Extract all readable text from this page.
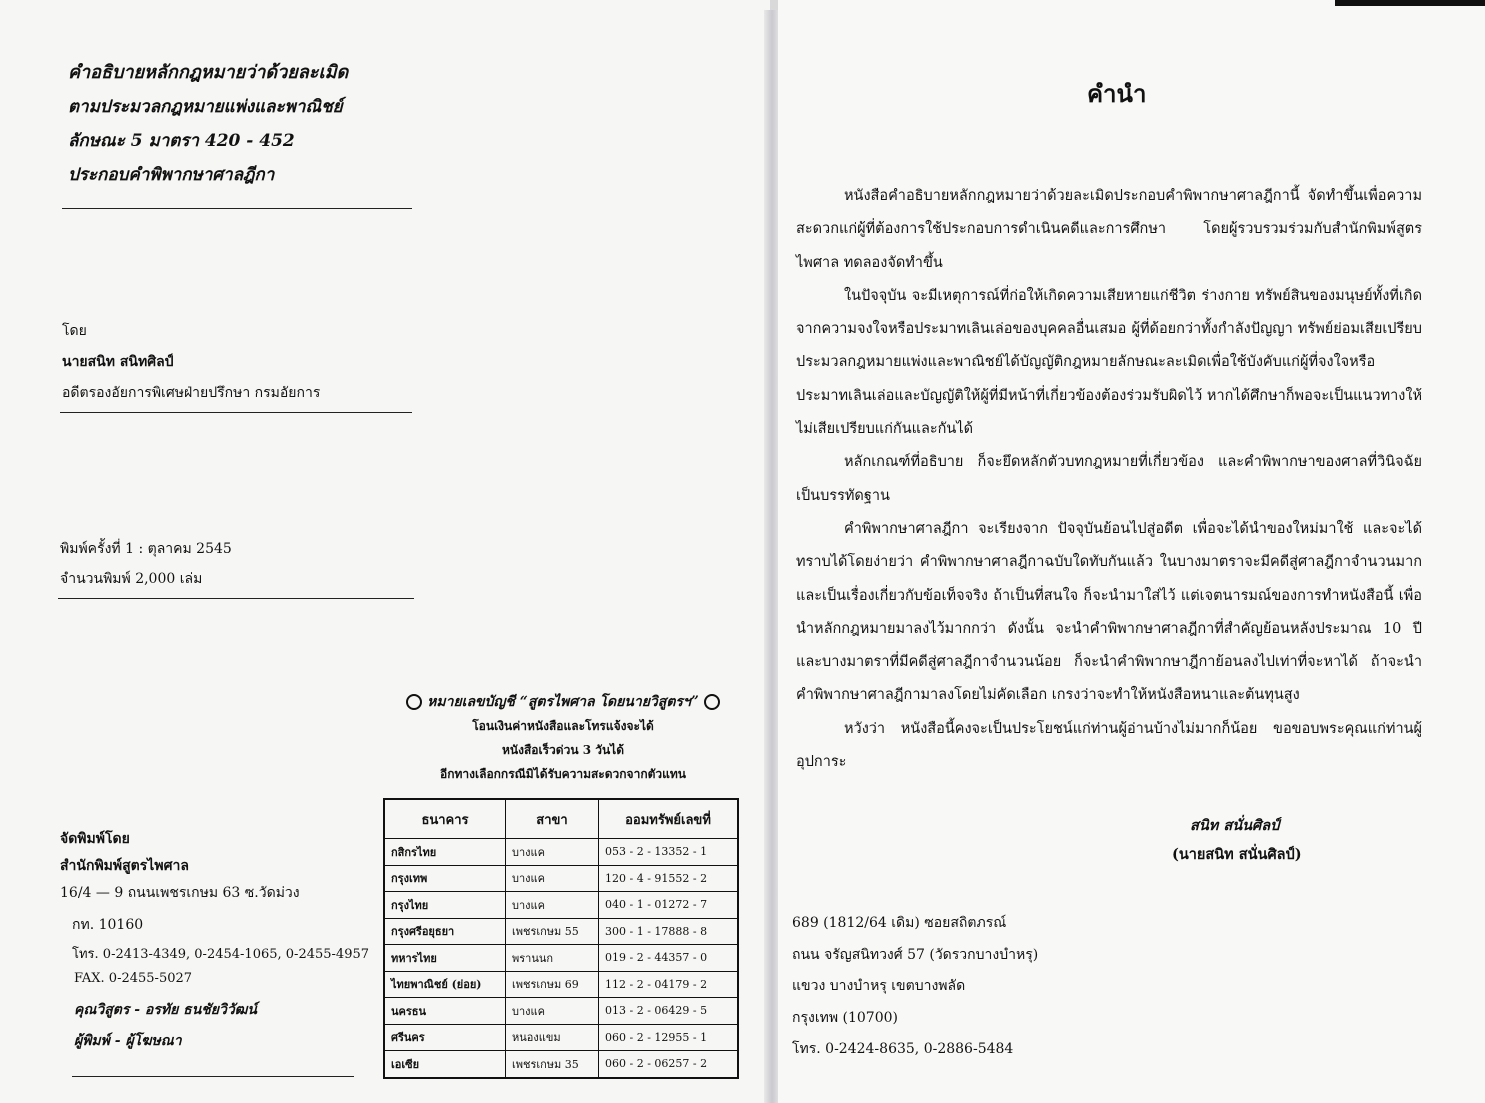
คำอธิบายหลักกฎหมายว่าด้วยละเมิด
ตามประมวลกฎหมายแพ่งและพาณิชย์
ลักษณะ 5 มาตรา 420 - 452
ประกอบคำพิพากษาศาลฎีกา
โดย
นายสนิท สนิทศิลป์
อดีตรองอัยการพิเศษฝ่ายปรึกษา กรมอัยการ
พิมพ์ครั้งที่ 1 : ตุลาคม 2545
จำนวนพิมพ์ 2,000 เล่ม
หมายเลขบัญชี “สูตรไพศาล โดยนายวิสูตรฯ”
โอนเงินค่าหนังสือและโทรแจ้งจะได้
หนังสือเร็วด่วน 3 วันได้
อีกทางเลือกกรณีมิได้รับความสะดวกจากตัวแทน
ธนาคาร	สาขา	ออมทรัพย์เลขที่
กสิกรไทย	บางแค	053 - 2 - 13352 - 1
กรุงเทพ	บางแค	120 - 4 - 91552 - 2
กรุงไทย	บางแค	040 - 1 - 01272 - 7
กรุงศรีอยุธยา	เพชรเกษม 55	300 - 1 - 17888 - 8
ทหารไทย	พรานนก	019 - 2 - 44357 - 0
ไทยพาณิชย์ (ย่อย)	เพชรเกษม 69	112 - 2 - 04179 - 2
นครธน	บางแค	013 - 2 - 06429 - 5
ศรีนคร	หนองแขม	060 - 2 - 12955 - 1
เอเซีย	เพชรเกษม 35	060 - 2 - 06257 - 2
จัดพิมพ์โดย
สำนักพิมพ์สูตรไพศาล
16/4 — 9 ถนนเพชรเกษม 63 ซ.วัดม่วง
กท. 10160
โทร. 0-2413-4349, 0-2454-1065, 0-2455-4957
FAX. 0-2455-5027
คุณวิสูตร - อรทัย ธนชัยวิวัฒน์
ผู้พิมพ์ - ผู้โฆษณา
คำนำ

หนังสือคำอธิบายหลักกฎหมายว่าด้วยละเมิดประกอบคำพิพากษาศาลฎีกานี้ จัดทำขึ้นเพื่อความสะดวกแก่ผู้ที่ต้องการใช้ประกอบการดำเนินคดีและการศึกษา โดยผู้รวบรวมร่วมกับสำนักพิมพ์สูตรไพศาล ทดลองจัดทำขึ้น

ในปัจจุบัน จะมีเหตุการณ์ที่ก่อให้เกิดความเสียหายแก่ชีวิต ร่างกาย ทรัพย์สินของมนุษย์ทั้งที่เกิดจากความจงใจหรือประมาทเลินเล่อของบุคคลอื่นเสมอ ผู้ที่ด้อยกว่าทั้งกำลังปัญญา ทรัพย์ย่อมเสียเปรียบ ประมวลกฎหมายแพ่งและพาณิชย์ได้บัญญัติกฎหมายลักษณะละเมิดเพื่อใช้บังคับแก่ผู้ที่จงใจหรือประมาทเลินเล่อและบัญญัติให้ผู้ที่มีหน้าที่เกี่ยวข้องต้องร่วมรับผิดไว้ หากได้ศึกษาก็พอจะเป็นแนวทางให้ไม่เสียเปรียบแก่กันและกันได้

หลักเกณฑ์ที่อธิบาย ก็จะยึดหลักตัวบทกฎหมายที่เกี่ยวข้อง และคำพิพากษาของศาลที่วินิจฉัยเป็นบรรทัดฐาน

คำพิพากษาศาลฎีกา จะเรียงจาก ปัจจุบันย้อนไปสู่อดีต เพื่อจะได้นำของใหม่มาใช้ และจะได้ทราบได้โดยง่ายว่า คำพิพากษาศาลฎีกาฉบับใดทับกันแล้ว ในบางมาตราจะมีคดีสู่ศาลฎีกาจำนวนมากและเป็นเรื่องเกี่ยวกับข้อเท็จจริง ถ้าเป็นที่สนใจ ก็จะนำมาใส่ไว้ แต่เจตนารมณ์ของการทำหนังสือนี้ เพื่อนำหลักกฎหมายมาลงไว้มากกว่า ดังนั้น จะนำคำพิพากษาศาลฎีกาที่สำคัญย้อนหลังประมาณ 10 ปี และบางมาตราที่มีคดีสู่ศาลฎีกาจำนวนน้อย ก็จะนำคำพิพากษาฎีกาย้อนลงไปเท่าที่จะหาได้ ถ้าจะนำคำพิพากษาศาลฎีกามาลงโดยไม่คัดเลือก เกรงว่าจะทำให้หนังสือหนาและต้นทุนสูง

หวังว่า หนังสือนี้คงจะเป็นประโยชน์แก่ท่านผู้อ่านบ้างไม่มากก็น้อย ขอขอบพระคุณแก่ท่านผู้อุปการะ

สนิท สนั่นศิลป์
(นายสนิท สนั่นศิลป์)
689 (1812/64 เดิม) ซอยสถิตภรณ์
ถนน จรัญสนิทวงศ์ 57 (วัดรวกบางบำหรุ)
แขวง บางบำหรุ เขตบางพลัด
กรุงเทพ (10700)
โทร. 0-2424-8635, 0-2886-5484
